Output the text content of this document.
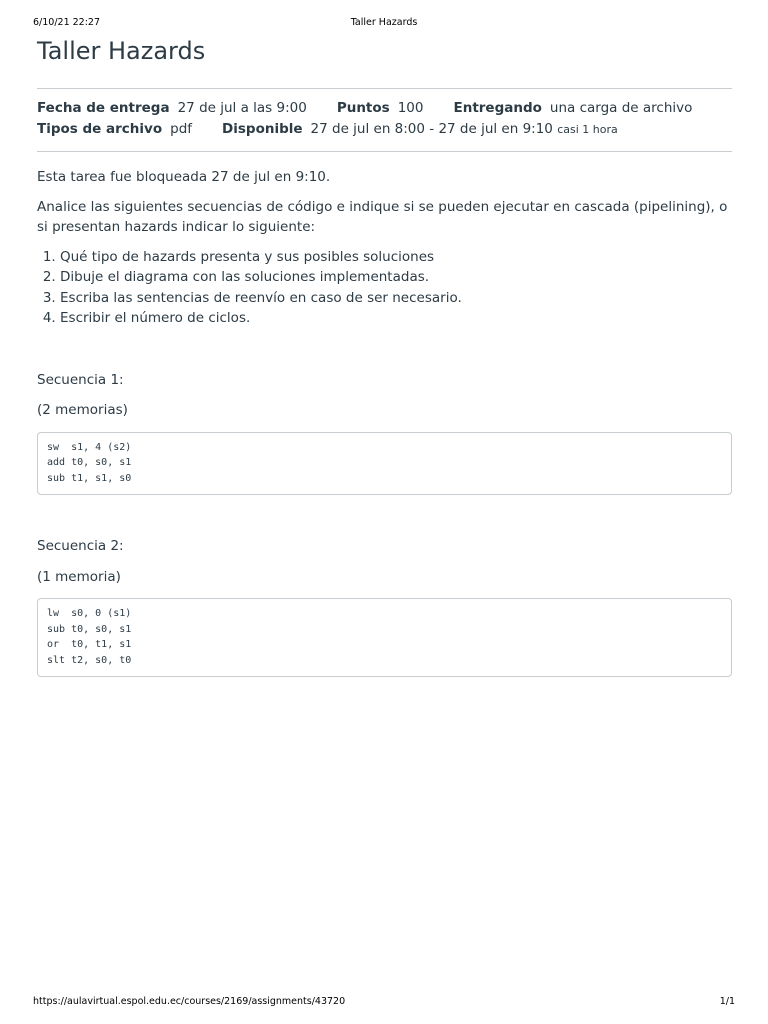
6/10/21 22:27	Taller Hazards
Taller Hazards
Fecha de entrega 27 de jul a las 9:00 Puntos 100 Entregando una carga de archivo
Tipos de archivo pdf Disponible 27 de jul en 8:00 - 27 de jul en 9:10 casi 1 hora

Esta tarea fue bloqueada 27 de jul en 9:10.

Analice las siguientes secuencias de código e indique si se pueden ejecutar en cascada (pipelining), o si presentan hazards indicar lo siguiente:

1. Qué tipo de hazards presenta y sus posibles soluciones
2. Dibuje el diagrama con las soluciones implementadas.
3. Escriba las sentencias de reenvío en caso de ser necesario.
4. Escribir el número de ciclos.

Secuencia 1:

(2 memorias)

sw  s1, 4 (s2)
add t0, s0, s1
sub t1, s1, s0

Secuencia 2:

(1 memoria)

lw  s0, 0 (s1)
sub t0, s0, s1
or  t0, t1, s1
slt t2, s0, t0
https://aulavirtual.espol.edu.ec/courses/2169/assignments/43720	1/1
